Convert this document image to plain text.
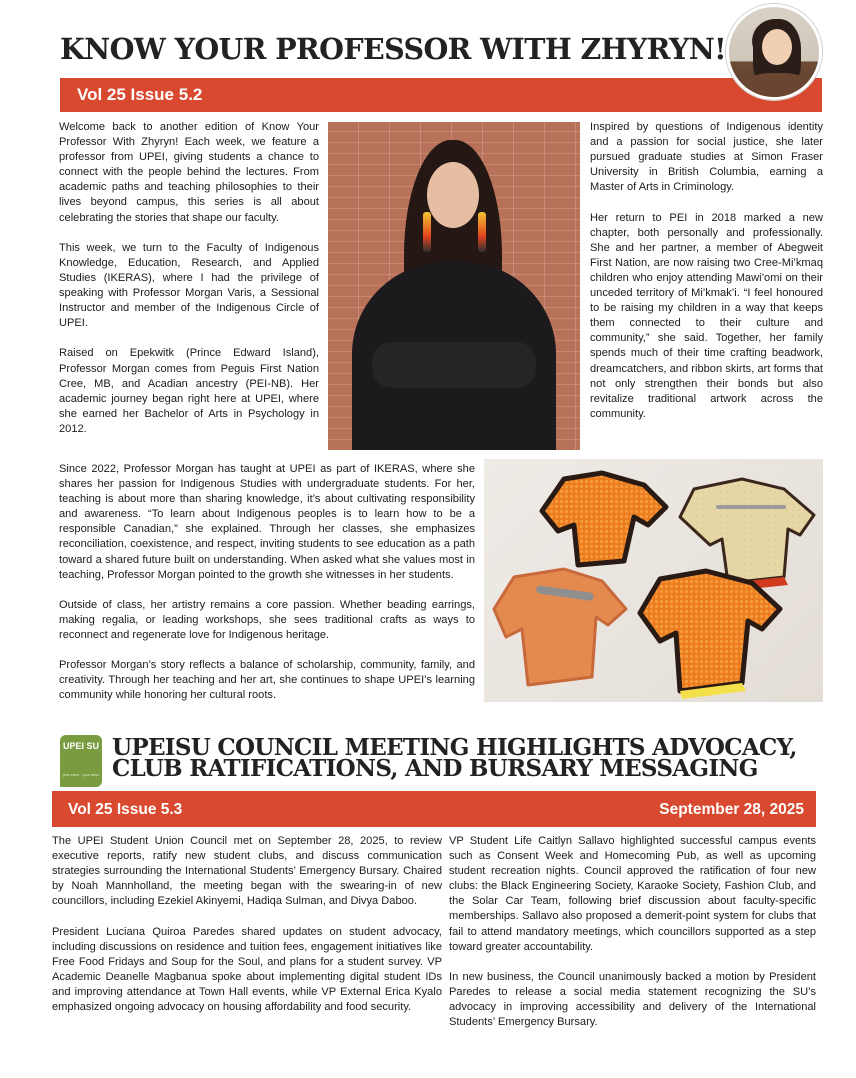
KNOW YOUR PROFESSOR WITH ZHYRYN!
Vol 25 Issue 5.2

Welcome back to another edition of Know Your Professor With Zhyryn! Each week, we feature a professor from UPEI, giving students a chance to connect with the people behind the lectures. From academic paths and teaching philosophies to their lives beyond campus, this series is all about celebrating the stories that shape our faculty.

This week, we turn to the Faculty of Indigenous Knowledge, Education, Research, and Applied Studies (IKERAS), where I had the privilege of speaking with Professor Morgan Varis, a Sessional Instructor and member of the Indigenous Circle of UPEI.

Raised on Epekwitk (Prince Edward Island), Professor Morgan comes from Peguis First Nation Cree, MB, and Acadian ancestry (PEI-NB). Her academic journey began right here at UPEI, where she earned her Bachelor of Arts in Psychology in 2012.

Inspired by questions of Indigenous identity and a passion for social justice, she later pursued graduate studies at Simon Fraser University in British Columbia, earning a Master of Arts in Criminology.

Her return to PEI in 2018 marked a new chapter, both personally and professionally. She and her partner, a member of Abegweit First Nation, are now raising two Cree-Mi’kmaq children who enjoy attending Mawi’omi on their unceded territory of Mi’kmak’i. “I feel honoured to be raising my children in a way that keeps them connected to their culture and community,” she said. Together, her family spends much of their time crafting beadwork, dreamcatchers, and ribbon skirts, art forms that not only strengthen their bonds but also revitalize traditional artwork across the community.

Since 2022, Professor Morgan has taught at UPEI as part of IKERAS, where she shares her passion for Indigenous Studies with undergraduate students. For her, teaching is about more than sharing knowledge, it’s about cultivating responsibility and awareness. “To learn about Indigenous peoples is to learn how to be a responsible Canadian,” she explained. Through her classes, she emphasizes reconciliation, coexistence, and respect, inviting students to see education as a path toward a shared future built on understanding. When asked what she values most in teaching, Professor Morgan pointed to the growth she witnesses in her students.

Outside of class, her artistry remains a core passion. Whether beading earrings, making regalia, or leading workshops, she sees traditional crafts as ways to reconnect and regenerate love for Indigenous heritage.

Professor Morgan’s story reflects a balance of scholarship, community, family, and creativity. Through her teaching and her art, she continues to shape UPEI’s learning community while honoring her cultural roots.

UPEI SU
your voice... your union
UPEISU COUNCIL MEETING HIGHLIGHTS ADVOCACY,
CLUB RATIFICATIONS, AND BURSARY MESSAGING
Vol 25 Issue 5.3	September 28, 2025

The UPEI Student Union Council met on September 28, 2025, to review executive reports, ratify new student clubs, and discuss communication strategies surrounding the International Students’ Emergency Bursary. Chaired by Noah Mannholland, the meeting began with the swearing-in of new councillors, including Ezekiel Akinyemi, Hadiqa Sulman, and Divya Daboo.

President Luciana Quiroa Paredes shared updates on student advocacy, including discussions on residence and tuition fees, engagement initiatives like Free Food Fridays and Soup for the Soul, and plans for a student survey. VP Academic Deanelle Magbanua spoke about implementing digital student IDs and improving attendance at Town Hall events, while VP External Erica Kyalo emphasized ongoing advocacy on housing affordability and food security.

VP Student Life Caitlyn Sallavo highlighted successful campus events such as Consent Week and Homecoming Pub, as well as upcoming student recreation nights. Council approved the ratification of four new clubs: the Black Engineering Society, Karaoke Society, Fashion Club, and the Solar Car Team, following brief discussion about faculty-specific memberships. Sallavo also proposed a demerit-point system for clubs that fail to attend mandatory meetings, which councillors supported as a step toward greater accountability.

In new business, the Council unanimously backed a motion by President Paredes to release a social media statement recognizing the SU’s advocacy in improving accessibility and delivery of the International Students’ Emergency Bursary.
